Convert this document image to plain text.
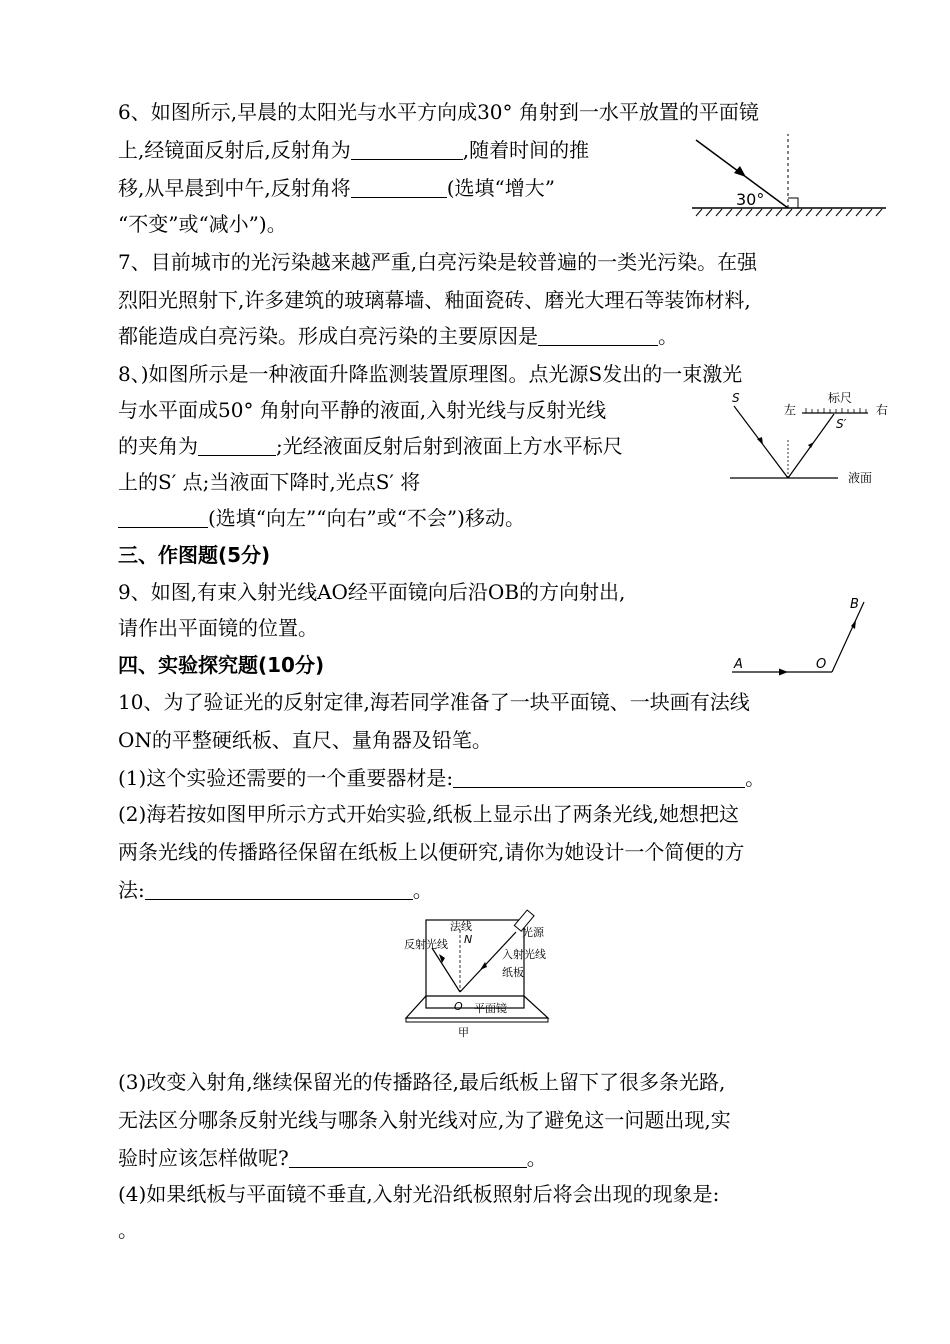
6、如图所示,早晨的太阳光与水平方向成30° 角射到一水平放置的平面镜
上,经镜面反射后,反射角为	,随着时间的推
移,从早晨到中午,反射角将	(选填“增大”
“不变”或“减小”)。
30°
7、目前城市的光污染越来越严重,白亮污染是较普遍的一类光污染。在强
烈阳光照射下,许多建筑的玻璃幕墙、釉面瓷砖、磨光大理石等装饰材料,
都能造成白亮污染。形成白亮污染的主要原因是	。
8、)如图所示是一种液面升降监测装置原理图。点光源S发出的一束激光
与水平面成50° 角射向平静的液面,入射光线与反射光线
的夹角为	;光经液面反射后射到液面上方水平标尺
上的S′ 点;当液面下降时,光点S′ 将
(选填“向左”“向右”或“不会”)移动。
S
左
标尺
右
S′
液面
三、作图题(5分)
9、如图,有束入射光线AO经平面镜向后沿OB的方向射出,
请作出平面镜的位置。
A	O
B
四、实验探究题(10分)
10、为了验证光的反射定律,海若同学准备了一块平面镜、一块画有法线
ON的平整硬纸板、直尺、量角器及铅笔。
(1)这个实验还需要的一个重要器材是:	。
(2)海若按如图甲所示方式开始实验,纸板上显示出了两条光线,她想把这
两条光线的传播路径保留在纸板上以便研究,请你为她设计一个简便的方
法:	。
法线
N
反射光线
光源
入射光线
纸板
O 平面镜
甲
(3)改变入射角,继续保留光的传播路径,最后纸板上留下了很多条光路,
无法区分哪条反射光线与哪条入射光线对应,为了避免这一问题出现,实
验时应该怎样做呢?	。
(4)如果纸板与平面镜不垂直,入射光沿纸板照射后将会出现的现象是:
。
